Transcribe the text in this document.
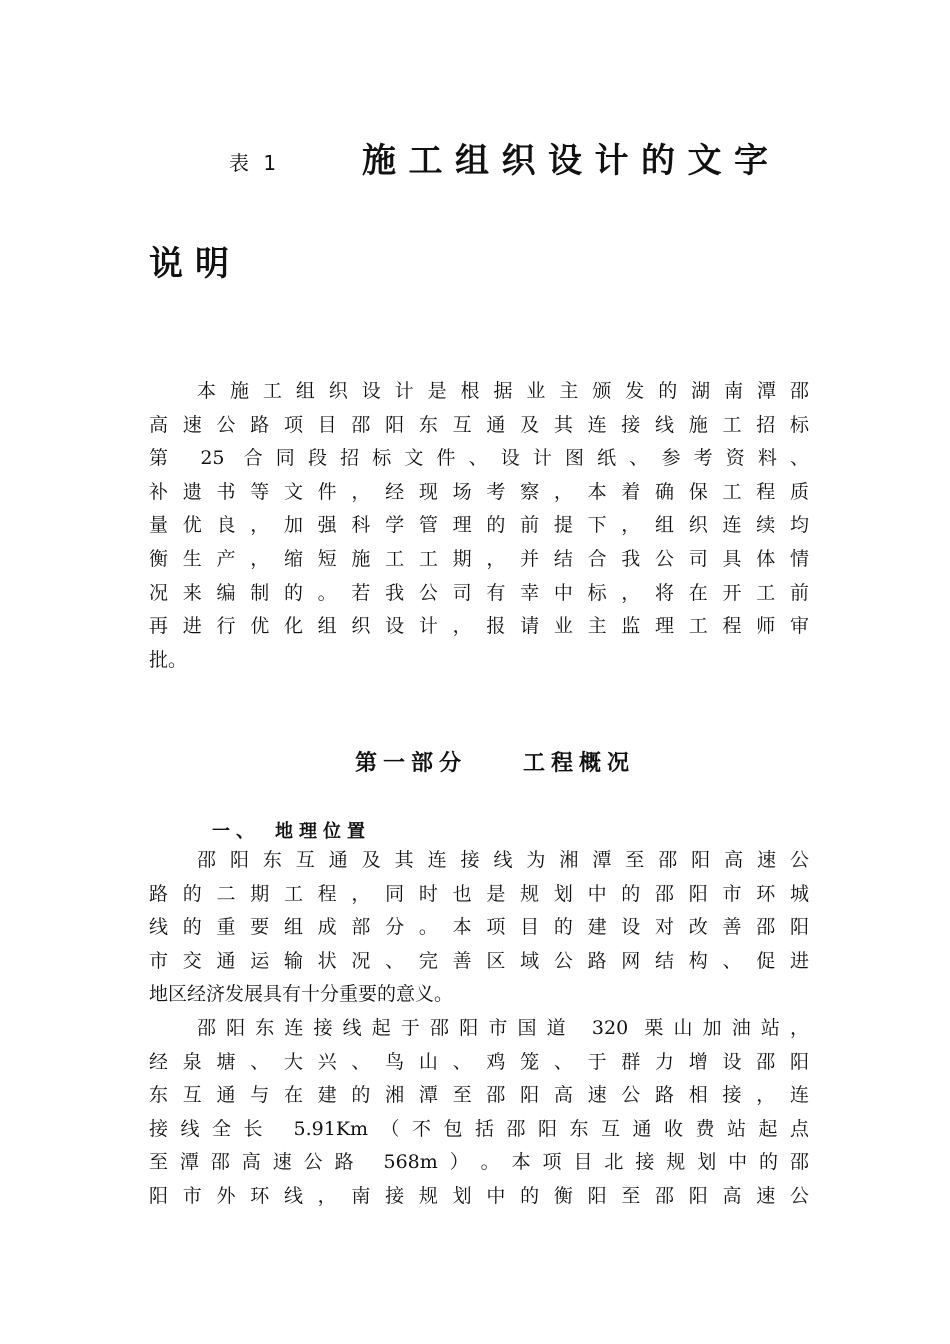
表 1 施工组织设计的文字
说明
本​施​工​组​织​设​计​是​根​据​业​主​颁​发​的​湖​南​潭​邵
高​速​公​路​项​目​邵​阳​东​互​通​及​其​连​接​线​施​工​招​标
第​ ​2​5​ ​合​同​段​招​标​文​件​、​设​计​图​纸​、​参​考​资​料​、
补​遗​书​等​文​件​，​经​现​场​考​察​，​本​着​确​保​工​程​质
量​优​良​，​加​强​科​学​管​理​的​前​提​下​，​组​织​连​续​均
衡​生​产​，​缩​短​施​工​工​期​，​并​结​合​我​公​司​具​体​情
况​来​编​制​的​。​若​我​公​司​有​幸​中​标​，​将​在​开​工​前
再​进​行​优​化​组​织​设​计​，​报​请​业​主​监​理​工​程​师​审
批​。
第一部分　　工程概况
一、　地理位置
邵​阳​东​互​通​及​其​连​接​线​为​湘​潭​至​邵​阳​高​速​公
路​的​二​期​工​程​，​同​时​也​是​规​划​中​的​邵​阳​市​环​城
线​的​重​要​组​成​部​分​。​本​项​目​的​建​设​对​改​善​邵​阳
市​交​通​运​输​状​况​、​完​善​区​域​公​路​网​结​构​、​促​进
地​区​经​济​发​展​具​有​十​分​重​要​的​意​义​。
邵​阳​东​连​接​线​起​于​邵​阳​市​国​道​ ​3​2​0​ ​栗​山​加​油​站​，
经​泉​塘​、​大​兴​、​鸟​山​、​鸡​笼​、​于​群​力​增​设​邵​阳
东​互​通​与​在​建​的​湘​潭​至​邵​阳​高​速​公​路​相​接​，​连
接​线​全​长​ ​5​.​9​1​K​m​（​不​包​括​邵​阳​东​互​通​收​费​站​起​点
至​潭​邵​高​速​公​路​ ​5​6​8​m​）​。​本​项​目​北​接​规​划​中​的​邵
阳​市​外​环​线​，​南​接​规​划​中​的​衡​阳​至​邵​阳​高​速​公
